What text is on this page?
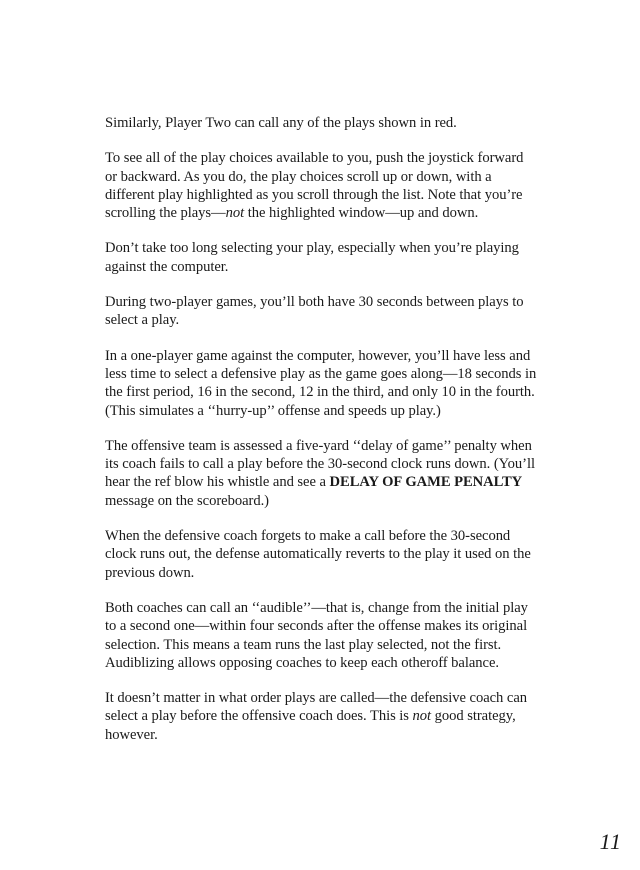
Similarly, Player Two can call any of the plays shown in red.

To see all of the play choices available to you, push the joystick forward or backward. As you do, the play choices scroll up or down, with a different play highlighted as you scroll through the list. Note that you’re scrolling the plays—not the highlighted window—up and down.

Don’t take too long selecting your play, especially when you’re playing against the computer.

During two-player games, you’ll both have 30 seconds between plays to select a play.

In a one-player game against the computer, however, you’ll have less and less time to select a defensive play as the game goes along—18 seconds in the first period, 16 in the second, 12 in the third, and only 10 in the fourth. (This simulates a ‘‘hurry-up’’ offense and speeds up play.)

The offensive team is assessed a five-yard ‘‘delay of game’’ penalty when its coach fails to call a play before the 30-second clock runs down. (You’ll hear the ref blow his whistle and see a DELAY OF GAME PENALTY message on the scoreboard.)

When the defensive coach forgets to make a call before the 30-second clock runs out, the defense automatically reverts to the play it used on the previous down.

Both coaches can call an ‘‘audible’’—that is, change from the initial play to a second one—within four seconds after the offense makes its original selection. This means a team runs the last play selected, not the first. Audiblizing allows opposing coaches to keep each otheroff balance.

It doesn’t matter in what order plays are called—the defensive coach can select a play before the offensive coach does. This is not good strategy, however.

11
